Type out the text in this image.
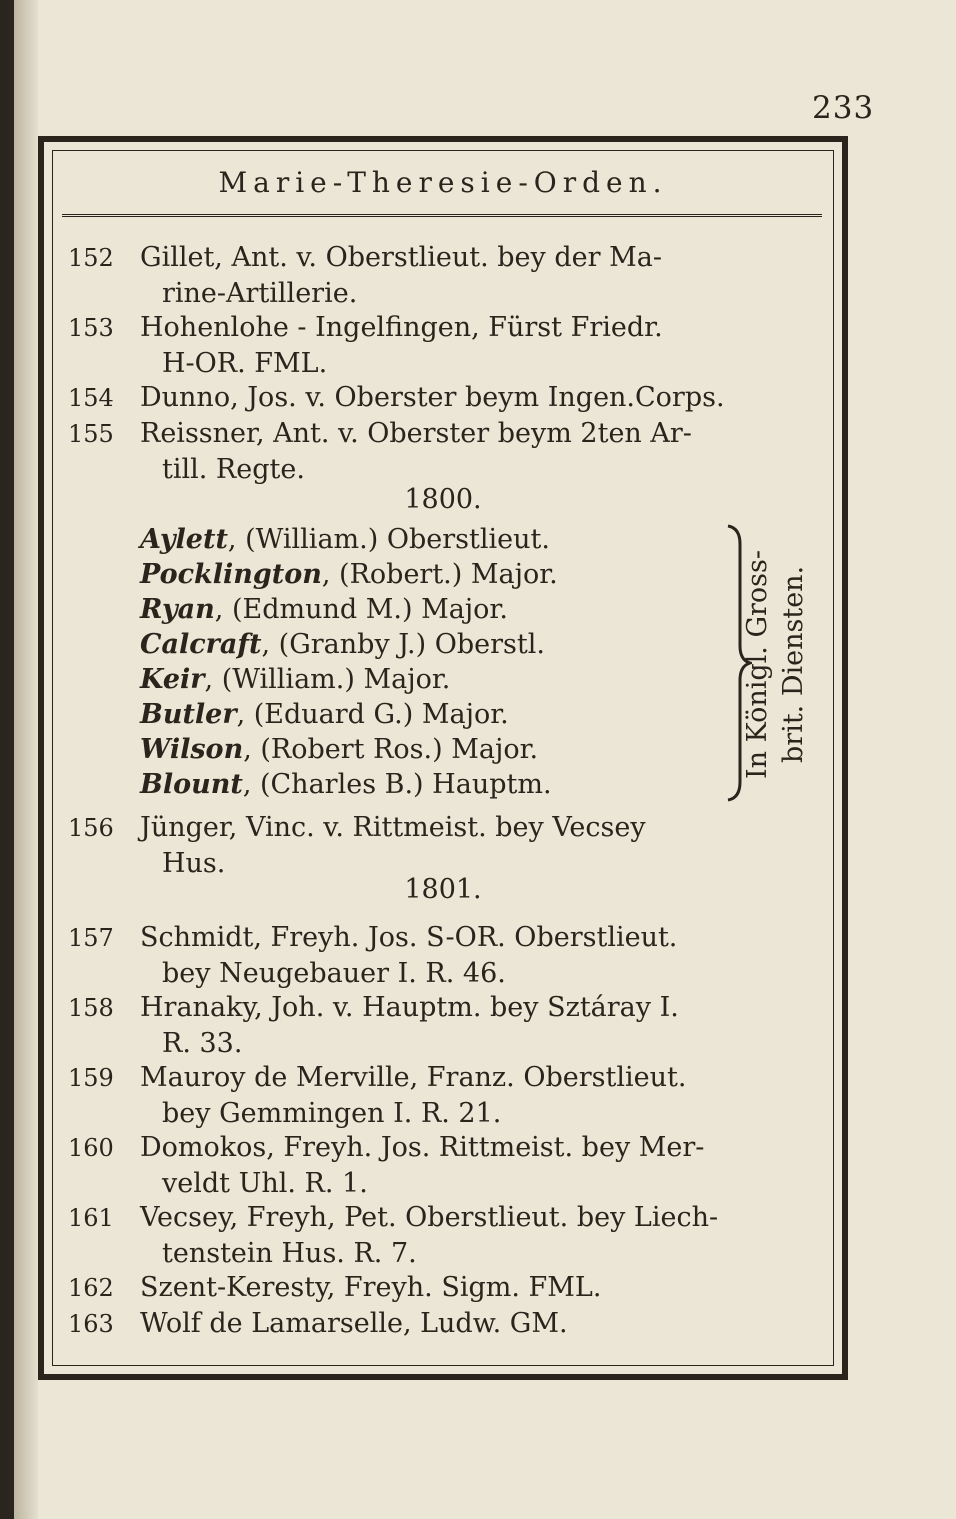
233
Marie-Theresie-Orden.
152 Gillet, Ant. v. Oberstlieut. bey der Ma-
rine-Artillerie.
153 Hohenlohe - Ingelfingen, Fürst Friedr.
H-OR. FML.
154 Dunno, Jos. v. Oberster beym Ingen.Corps.
155 Reissner, Ant. v. Oberster beym 2ten Ar-
till. Regte.
1800.
Aylett, (William.) Oberstlieut.
Pocklington, (Robert.) Major.
Ryan, (Edmund M.) Major.
Calcraft, (Granby J.) Oberstl.
Keir, (William.) Major.
Butler, (Eduard G.) Major.
Wilson, (Robert Ros.) Major.
Blount, (Charles B.) Hauptm.
In Königl. Gross- brit. Diensten.
156 Jünger, Vinc. v. Rittmeist. bey Vecsey
Hus.
1801.
157 Schmidt, Freyh. Jos. S-OR. Oberstlieut.
bey Neugebauer I. R. 46.
158 Hranaky, Joh. v. Hauptm. bey Sztáray I.
R. 33.
159 Mauroy de Merville, Franz. Oberstlieut.
bey Gemmingen I. R. 21.
160 Domokos, Freyh. Jos. Rittmeist. bey Mer-
veldt Uhl. R. 1.
161 Vecsey, Freyh, Pet. Oberstlieut. bey Liech-
tenstein Hus. R. 7.
162 Szent-Keresty, Freyh. Sigm. FML.
163 Wolf de Lamarselle, Ludw. GM.
